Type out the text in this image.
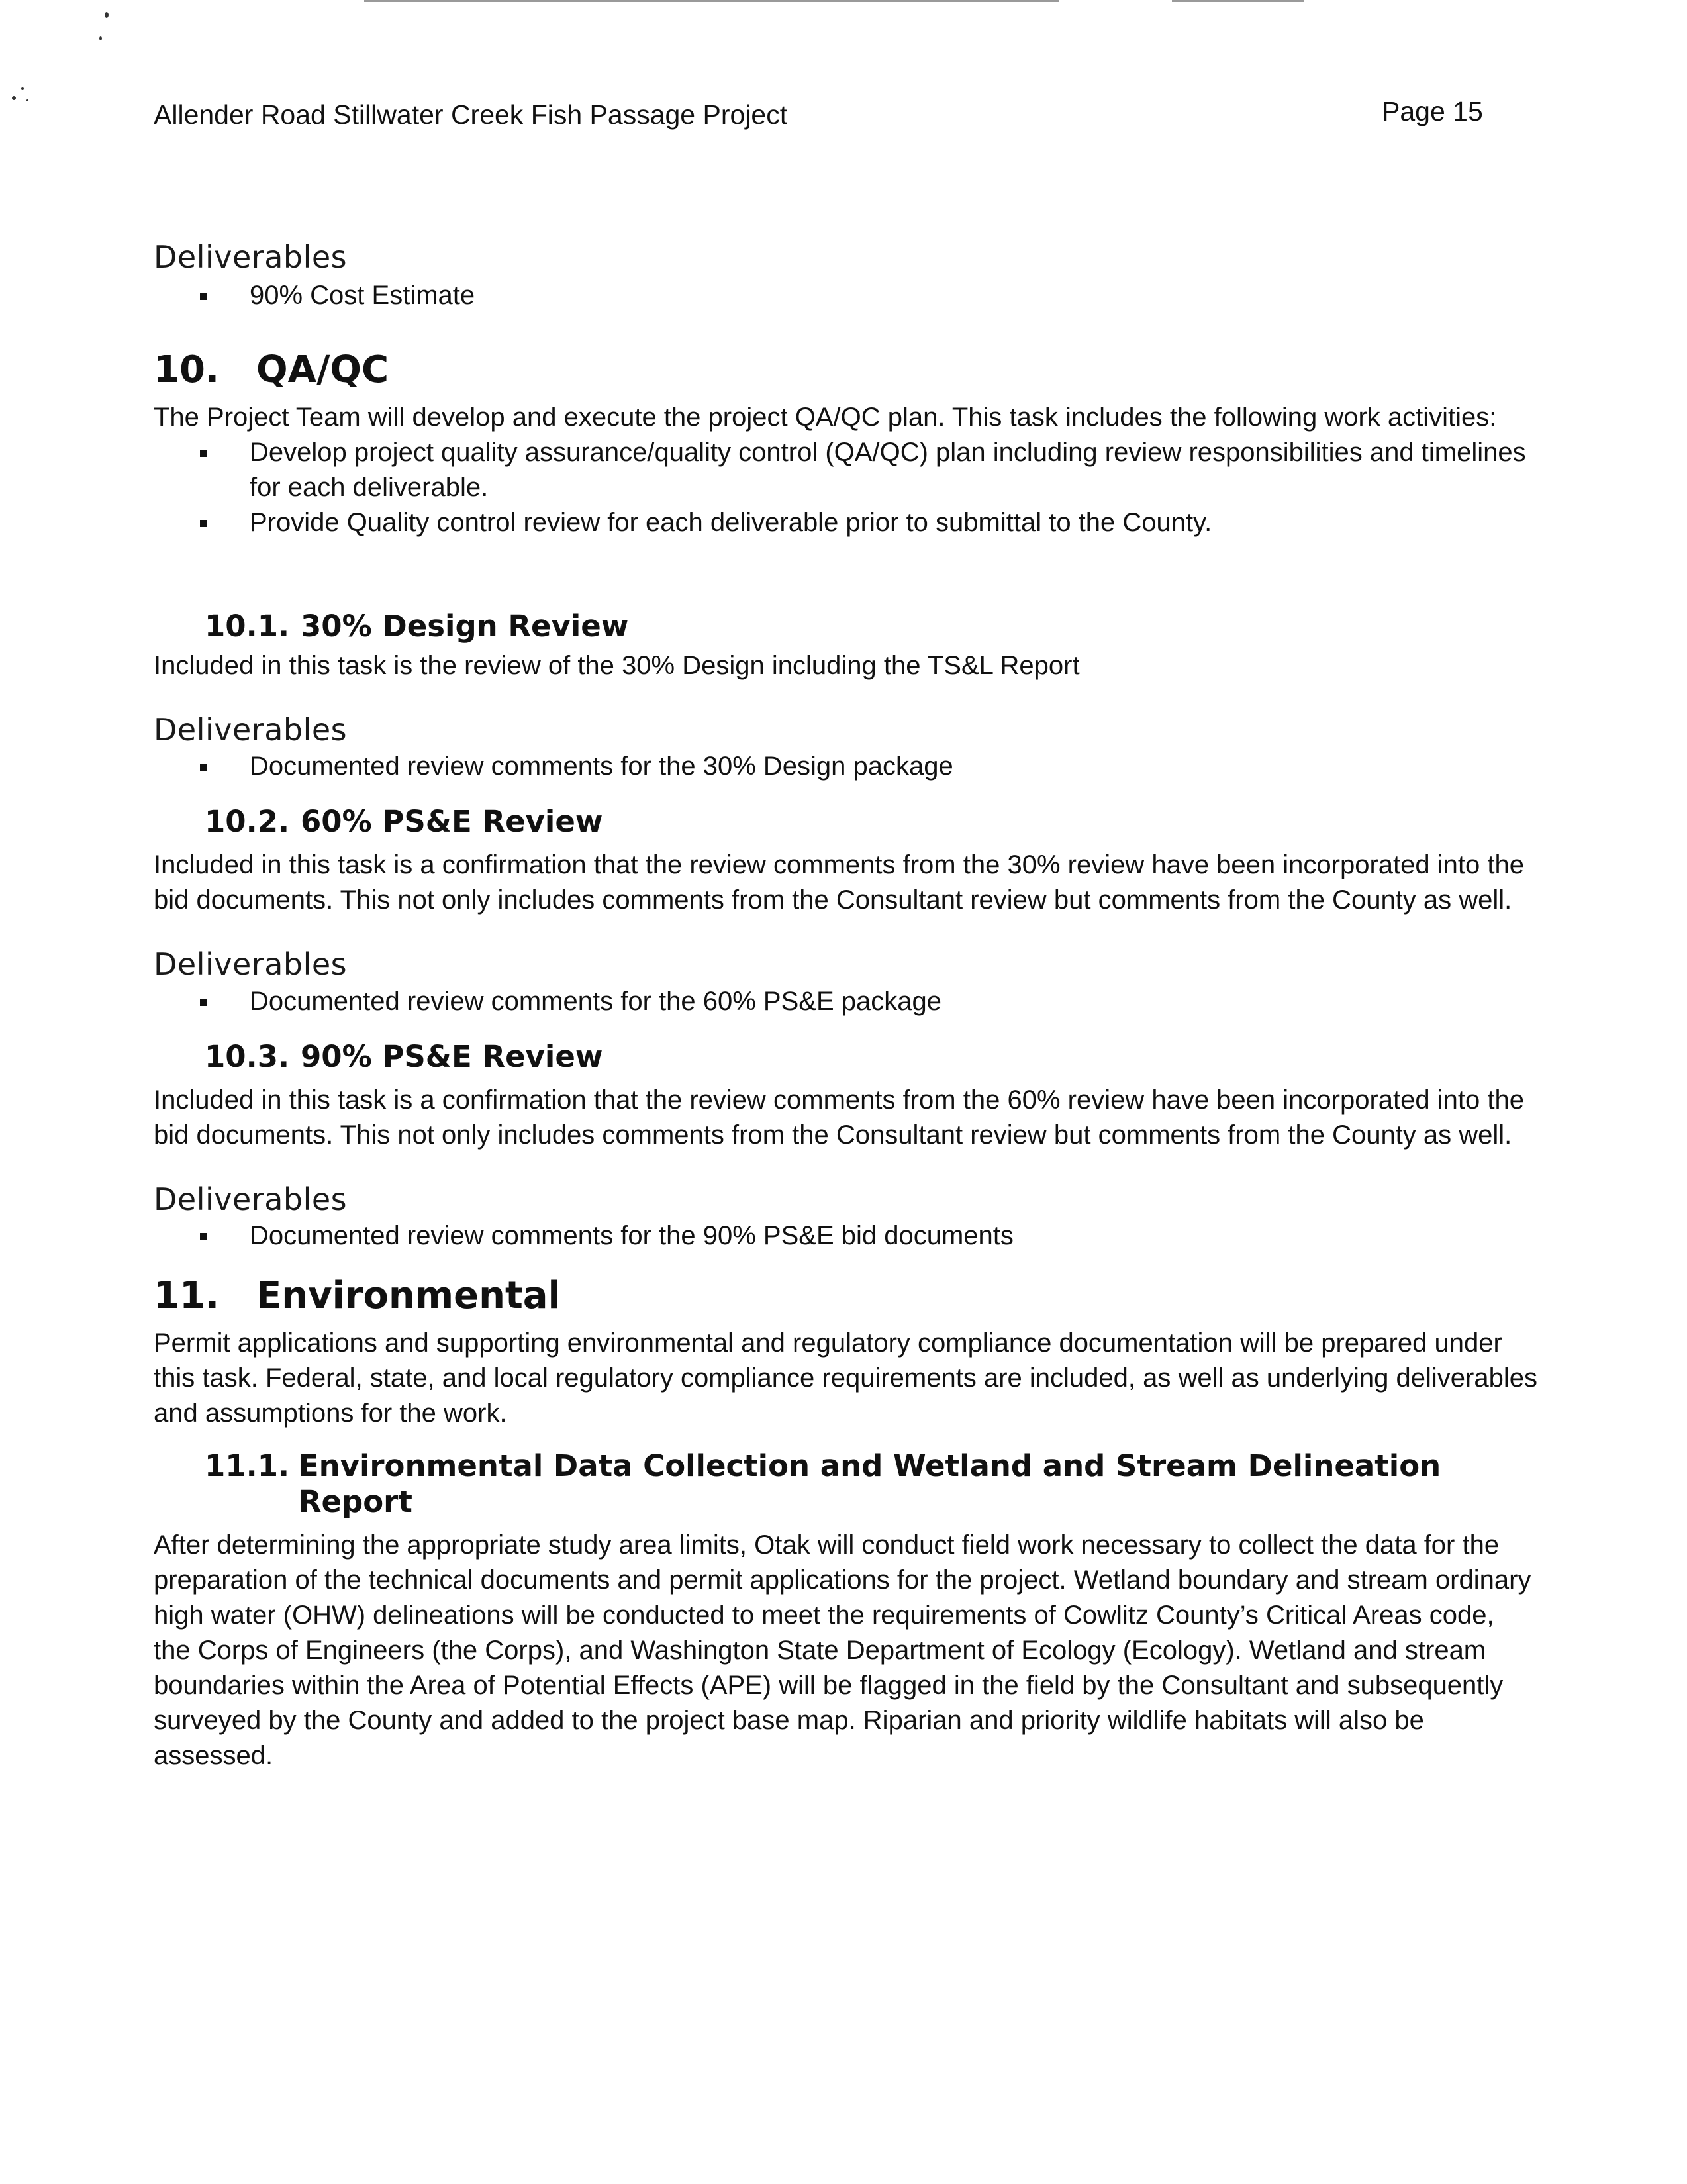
Allender Road Stillwater Creek Fish Passage Project	Page 15
Deliverables
90% Cost Estimate
10. QA/QC

The Project Team will develop and execute the project QA/QC plan. This task includes the following work activities:

Develop project quality assurance/quality control (QA/QC) plan including review responsibilities and timelines for each deliverable.
Provide Quality control review for each deliverable prior to submittal to the County.
10.1. 30% Design Review

Included in this task is the review of the 30% Design including the TS&L Report

Deliverables
Documented review comments for the 30% Design package
10.2. 60% PS&E Review

Included in this task is a confirmation that the review comments from the 30% review have been incorporated into the bid documents. This not only includes comments from the Consultant review but comments from the County as well.

Deliverables
Documented review comments for the 60% PS&E package
10.3. 90% PS&E Review

Included in this task is a confirmation that the review comments from the 60% review have been incorporated into the bid documents. This not only includes comments from the Consultant review but comments from the County as well.

Deliverables
Documented review comments for the 90% PS&E bid documents
11. Environmental

Permit applications and supporting environmental and regulatory compliance documentation will be prepared under this task. Federal, state, and local regulatory compliance requirements are included, as well as underlying deliverables and assumptions for the work.

11.1. Environmental Data Collection and Wetland and Stream Delineation Report

After determining the appropriate study area limits, Otak will conduct field work necessary to collect the data for the preparation of the technical documents and permit applications for the project. Wetland boundary and stream ordinary high water (OHW) delineations will be conducted to meet the requirements of Cowlitz County’s Critical Areas code, the Corps of Engineers (the Corps), and Washington State Department of Ecology (Ecology). Wetland and stream boundaries within the Area of Potential Effects (APE) will be flagged in the field by the Consultant and subsequently surveyed by the County and added to the project base map. Riparian and priority wildlife habitats will also be assessed.
